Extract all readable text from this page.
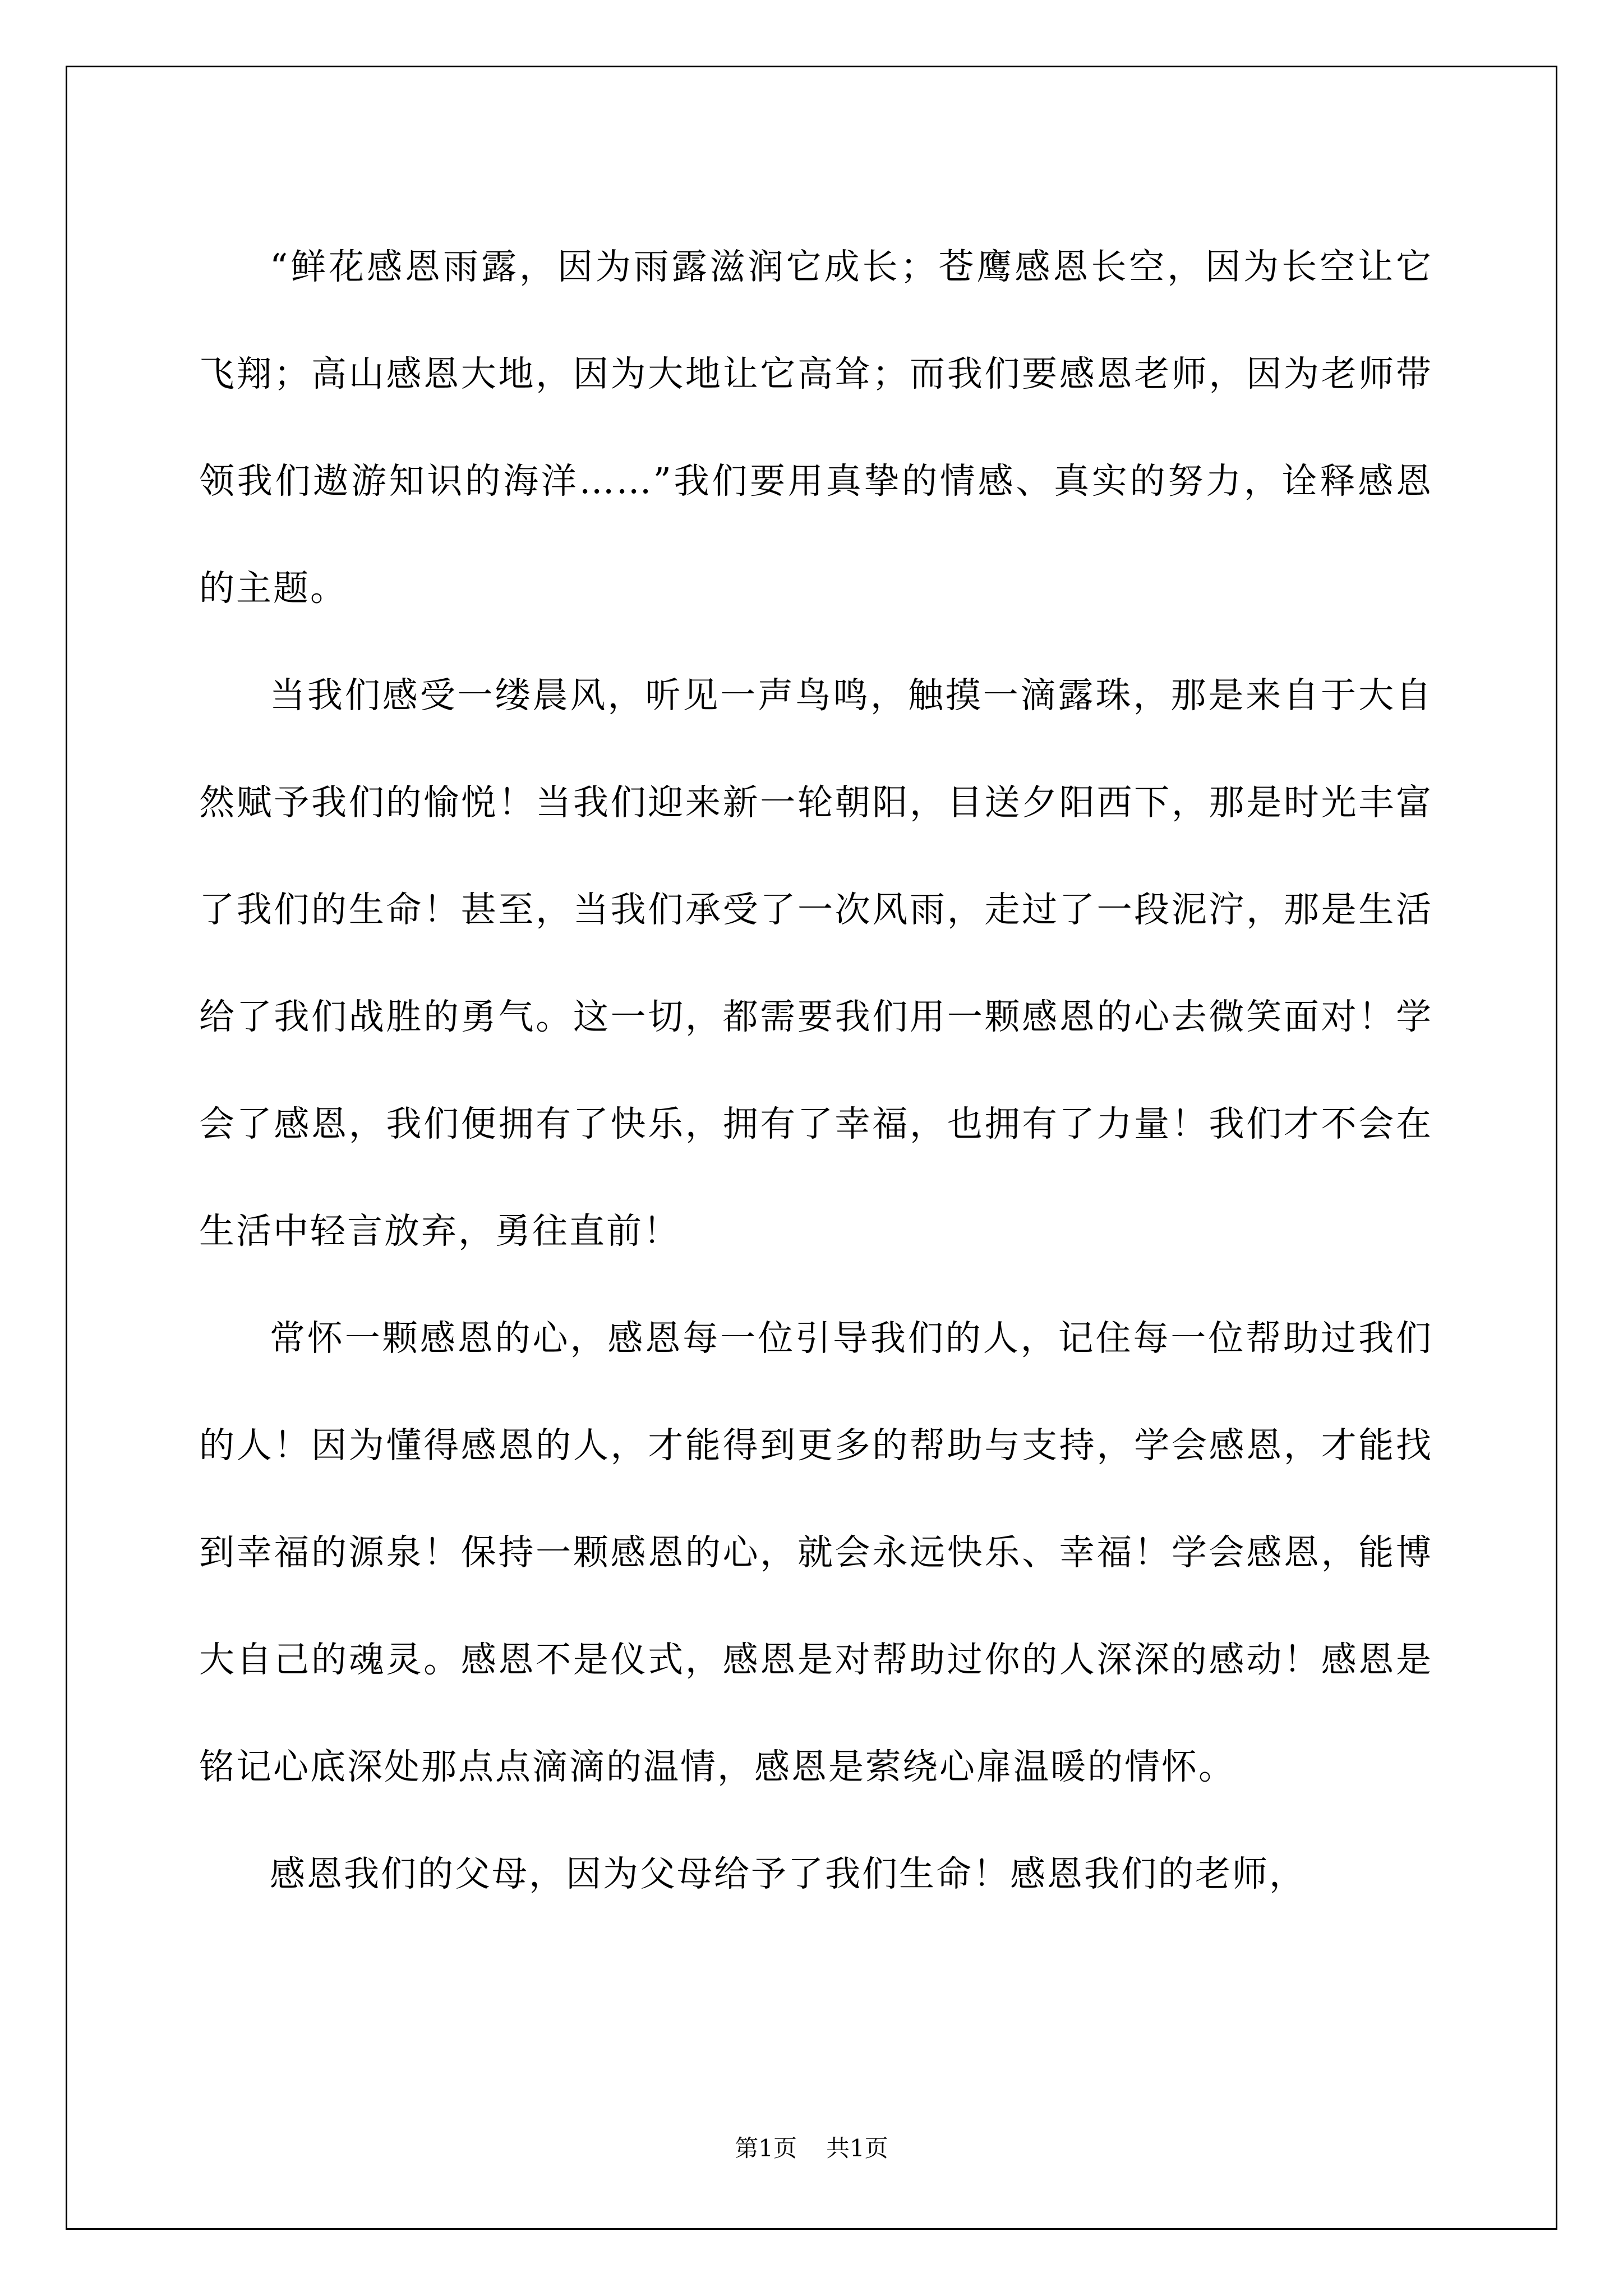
“鲜花感恩雨露，因为雨露滋润它成长；苍鹰感恩长空，因为长空让它飞翔；高山感恩大地，因为大地让它高耸；而我们要感恩老师，因为老师带领我们遨游知识的海洋……”我们要用真挚的情感、真实的努力，诠释感恩的主题。

当我们感受一缕晨风，听见一声鸟鸣，触摸一滴露珠，那是来自于大自然赋予我们的愉悦！当我们迎来新一轮朝阳，目送夕阳西下，那是时光丰富了我们的生命！甚至，当我们承受了一次风雨，走过了一段泥泞，那是生活给了我们战胜的勇气。这一切，都需要我们用一颗感恩的心去微笑面对！学会了感恩，我们便拥有了快乐，拥有了幸福，也拥有了力量！我们才不会在生活中轻言放弃，勇往直前！

常怀一颗感恩的心，感恩每一位引导我们的人，记住每一位帮助过我们的人！因为懂得感恩的人，才能得到更多的帮助与支持，学会感恩，才能找到幸福的源泉！保持一颗感恩的心，就会永远快乐、幸福！学会感恩，能博大自己的魂灵。感恩不是仪式，感恩是对帮助过你的人深深的感动！感恩是铭记心底深处那点点滴滴的温情，感恩是萦绕心扉温暖的情怀。

感恩我们的父母，因为父母给予了我们生命！感恩我们的老师，

第1页 共1页
